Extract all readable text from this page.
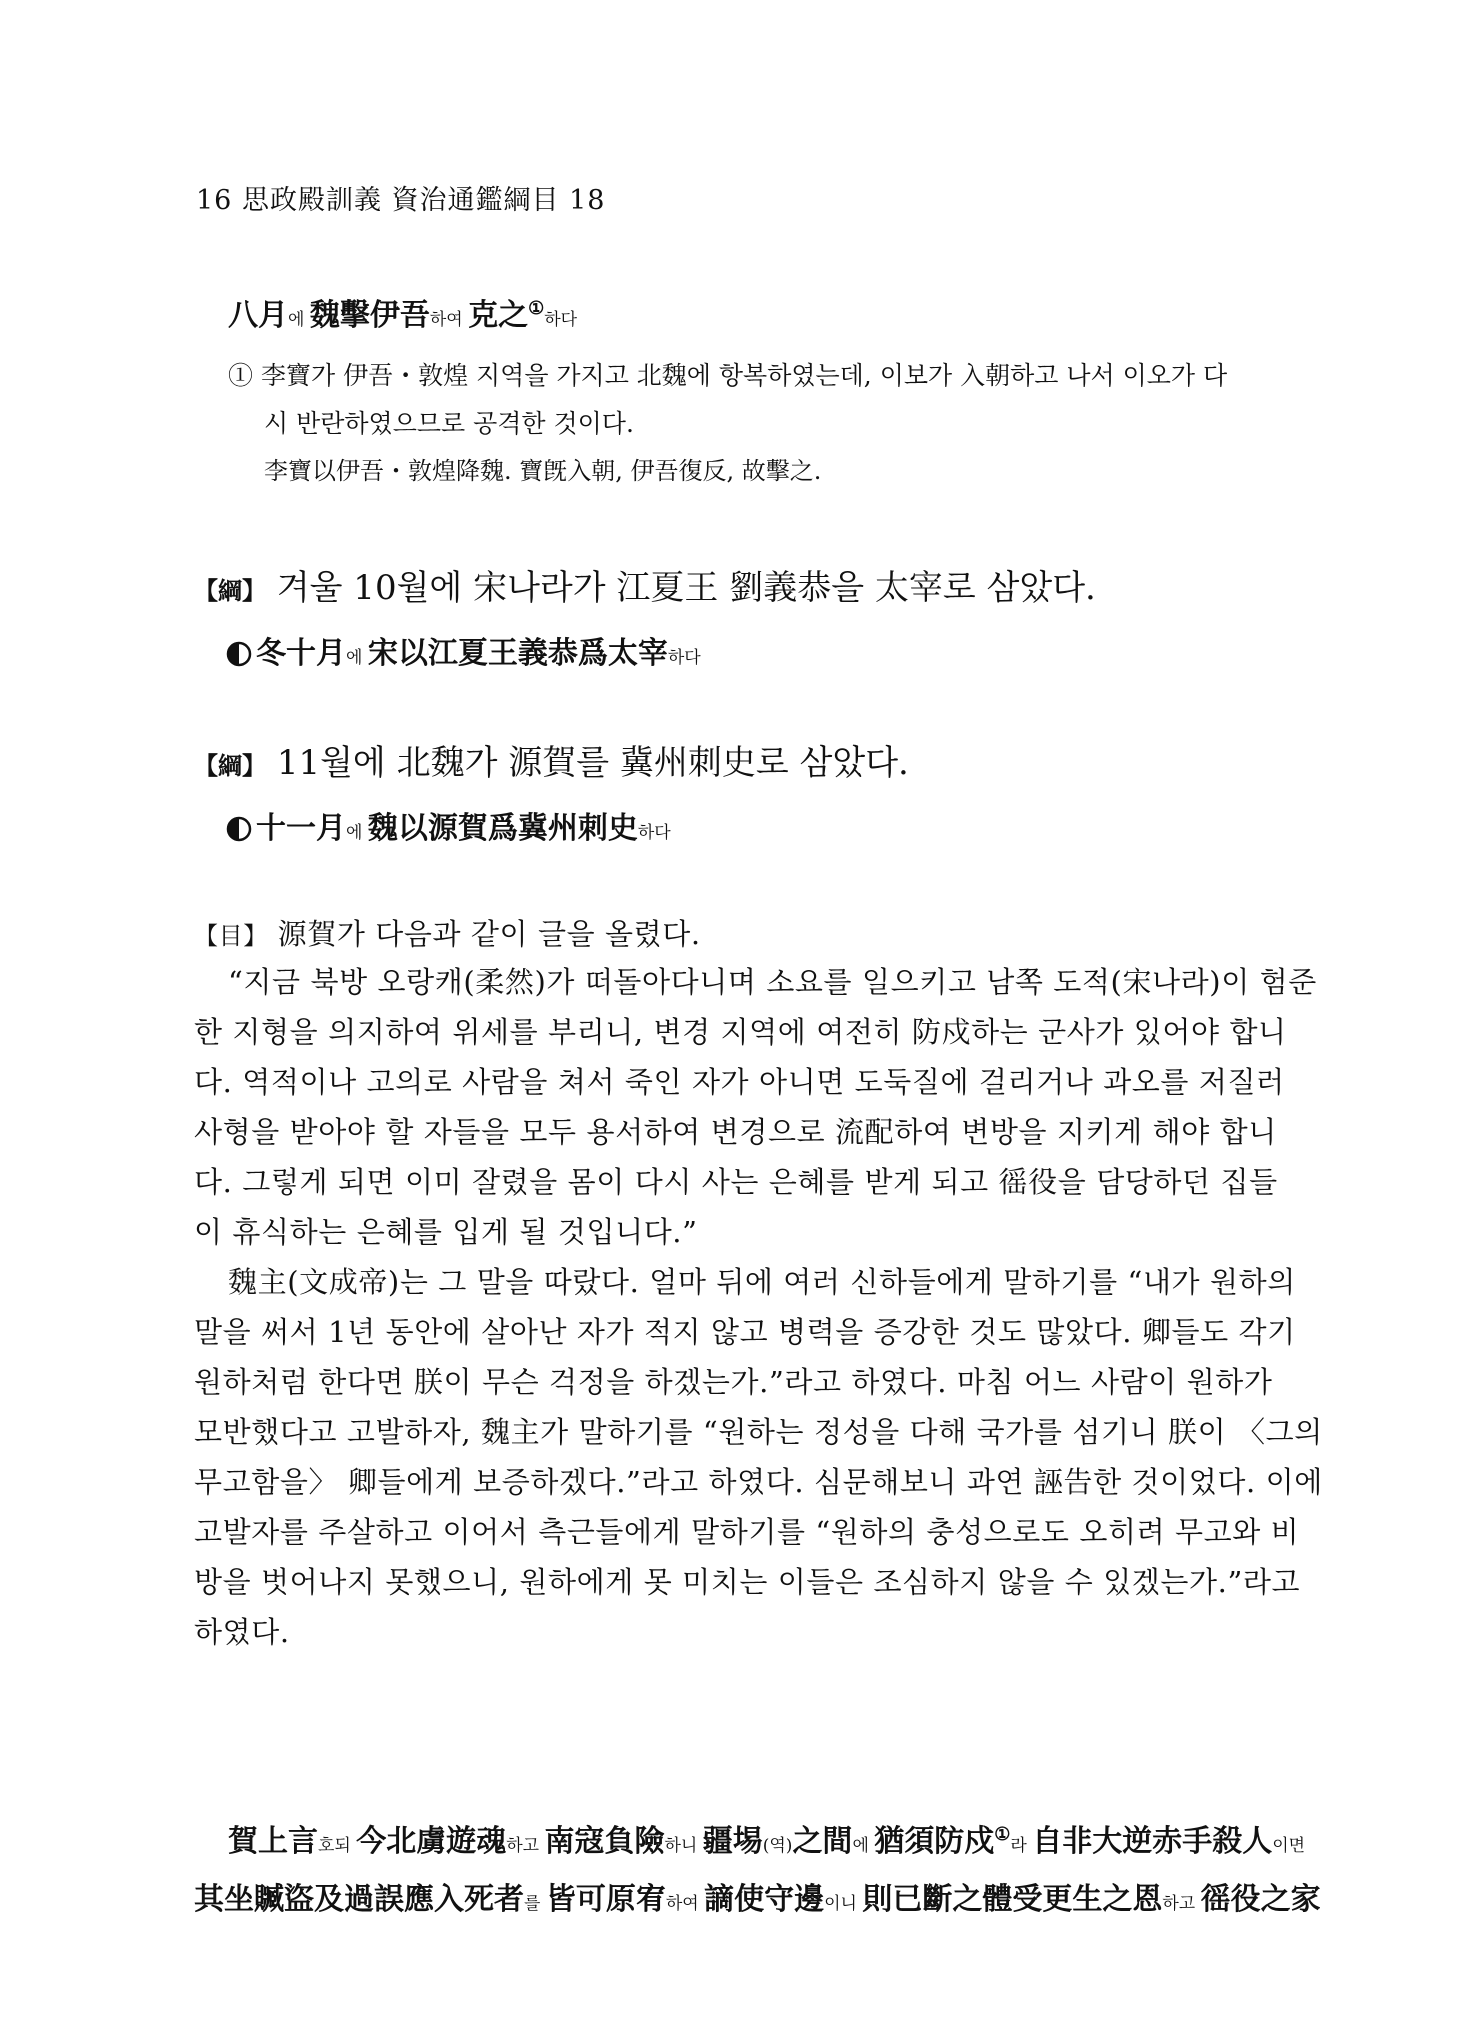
16 思政殿訓義 資治通鑑綱目 18
八月에 魏擊伊吾하여 克之①하다
① 李寶가 伊吾・敦煌 지역을 가지고 北魏에 항복하였는데, 이보가 入朝하고 나서 이오가 다
시 반란하였으므로 공격한 것이다.
李寶以伊吾・敦煌降魏. 寶旣入朝, 伊吾復反, 故擊之.
【綱】 겨울 10월에 宋나라가 江夏王 劉義恭을 太宰로 삼았다.
冬十月에 宋以江夏王義恭爲太宰하다
【綱】 11월에 北魏가 源賀를 冀州刺史로 삼았다.
十一月에 魏以源賀爲冀州刺史하다
【目】 源賀가 다음과 같이 글을 올렸다.
“지금 북방 오랑캐(柔然)가 떠돌아다니며 소요를 일으키고 남쪽 도적(宋나라)이 험준
한 지형을 의지하여 위세를 부리니, 변경 지역에 여전히 防戍하는 군사가 있어야 합니
다. 역적이나 고의로 사람을 쳐서 죽인 자가 아니면 도둑질에 걸리거나 과오를 저질러
사형을 받아야 할 자들을 모두 용서하여 변경으로 流配하여 변방을 지키게 해야 합니
다. 그렇게 되면 이미 잘렸을 몸이 다시 사는 은혜를 받게 되고 徭役을 담당하던 집들
이 휴식하는 은혜를 입게 될 것입니다.”
魏主(文成帝)는 그 말을 따랐다. 얼마 뒤에 여러 신하들에게 말하기를 “내가 원하의
말을 써서 1년 동안에 살아난 자가 적지 않고 병력을 증강한 것도 많았다. 卿들도 각기
원하처럼 한다면 朕이 무슨 걱정을 하겠는가.”라고 하였다. 마침 어느 사람이 원하가
모반했다고 고발하자, 魏主가 말하기를 “원하는 정성을 다해 국가를 섬기니 朕이 〈그의
무고함을〉 卿들에게 보증하겠다.”라고 하였다. 심문해보니 과연 誣告한 것이었다. 이에
고발자를 주살하고 이어서 측근들에게 말하기를 “원하의 충성으로도 오히려 무고와 비
방을 벗어나지 못했으니, 원하에게 못 미치는 이들은 조심하지 않을 수 있겠는가.”라고
하였다.
賀上言호되 今北虜遊魂하고 南寇負險하니 疆埸(역)之間에 猶須防戍①라 自非大逆赤手殺人이면
其坐贓盜及過誤應入死者를 皆可原宥하여 謫使守邊이니 則已斷之體受更生之恩하고 徭役之家
